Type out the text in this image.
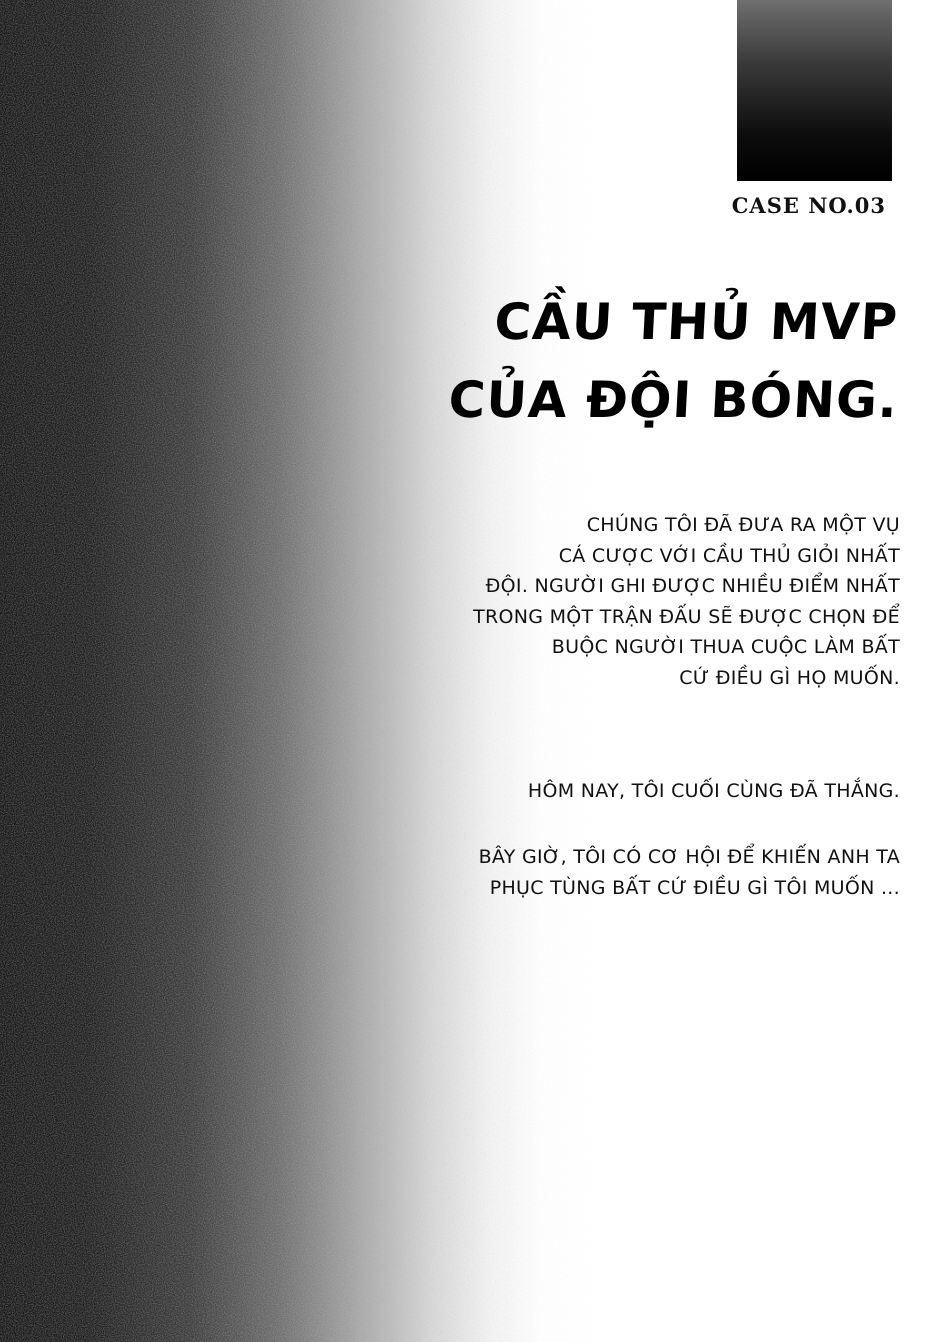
CASE NO.03
CẦU THỦ MVP
CỦA ĐỘI BÓNG.
CHÚNG TÔI ĐÃ ĐƯA RA MỘT VỤ
CÁ CƯỢC VỚI CẦU THỦ GIỎI NHẤT
ĐỘI. NGƯỜI GHI ĐƯỢC NHIỀU ĐIỂM NHẤT
TRONG MỘT TRẬN ĐẤU SẼ ĐƯỢC CHỌN ĐỂ
BUỘC NGƯỜI THUA CUỘC LÀM BẤT
CỨ ĐIỀU GÌ HỌ MUỐN.
HÔM NAY, TÔI CUỐI CÙNG ĐÃ THẮNG.
BÂY GIỜ, TÔI CÓ CƠ HỘI ĐỂ KHIẾN ANH TA
PHỤC TÙNG BẤT CỨ ĐIỀU GÌ TÔI MUỐN ...
